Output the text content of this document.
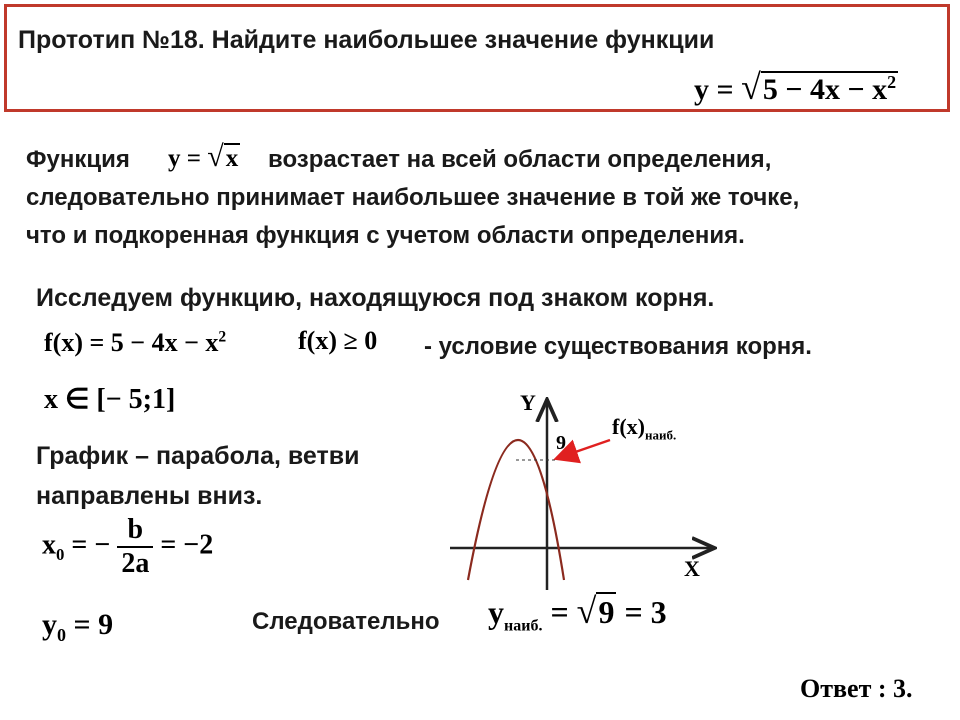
Прототип №18. Найдите наибольшее значение функции
$y = √5 - 4x - x^2$
Функция y = √x возрастает на всей области определения,
следовательно принимает наибольшее значение в той же точке,
что и подкоренная функция с учетом области определения.
Исследуем функцию, находящуюся под знаком корня.
$f(x) = 5 - 4x - x^2$	f(x) ≥ 0 - условие существования корня.
x ∈ [− 5;1]
График – парабола, ветви
направлены вниз.
$x_0$ = − $\frac{b}{2a} = -2$
$y_0 = 9$	Следовательно $y_{наиб.} = √9 = 3$
Y
X
9
$f(x)_{наиб.}$
Ответ : 3.
